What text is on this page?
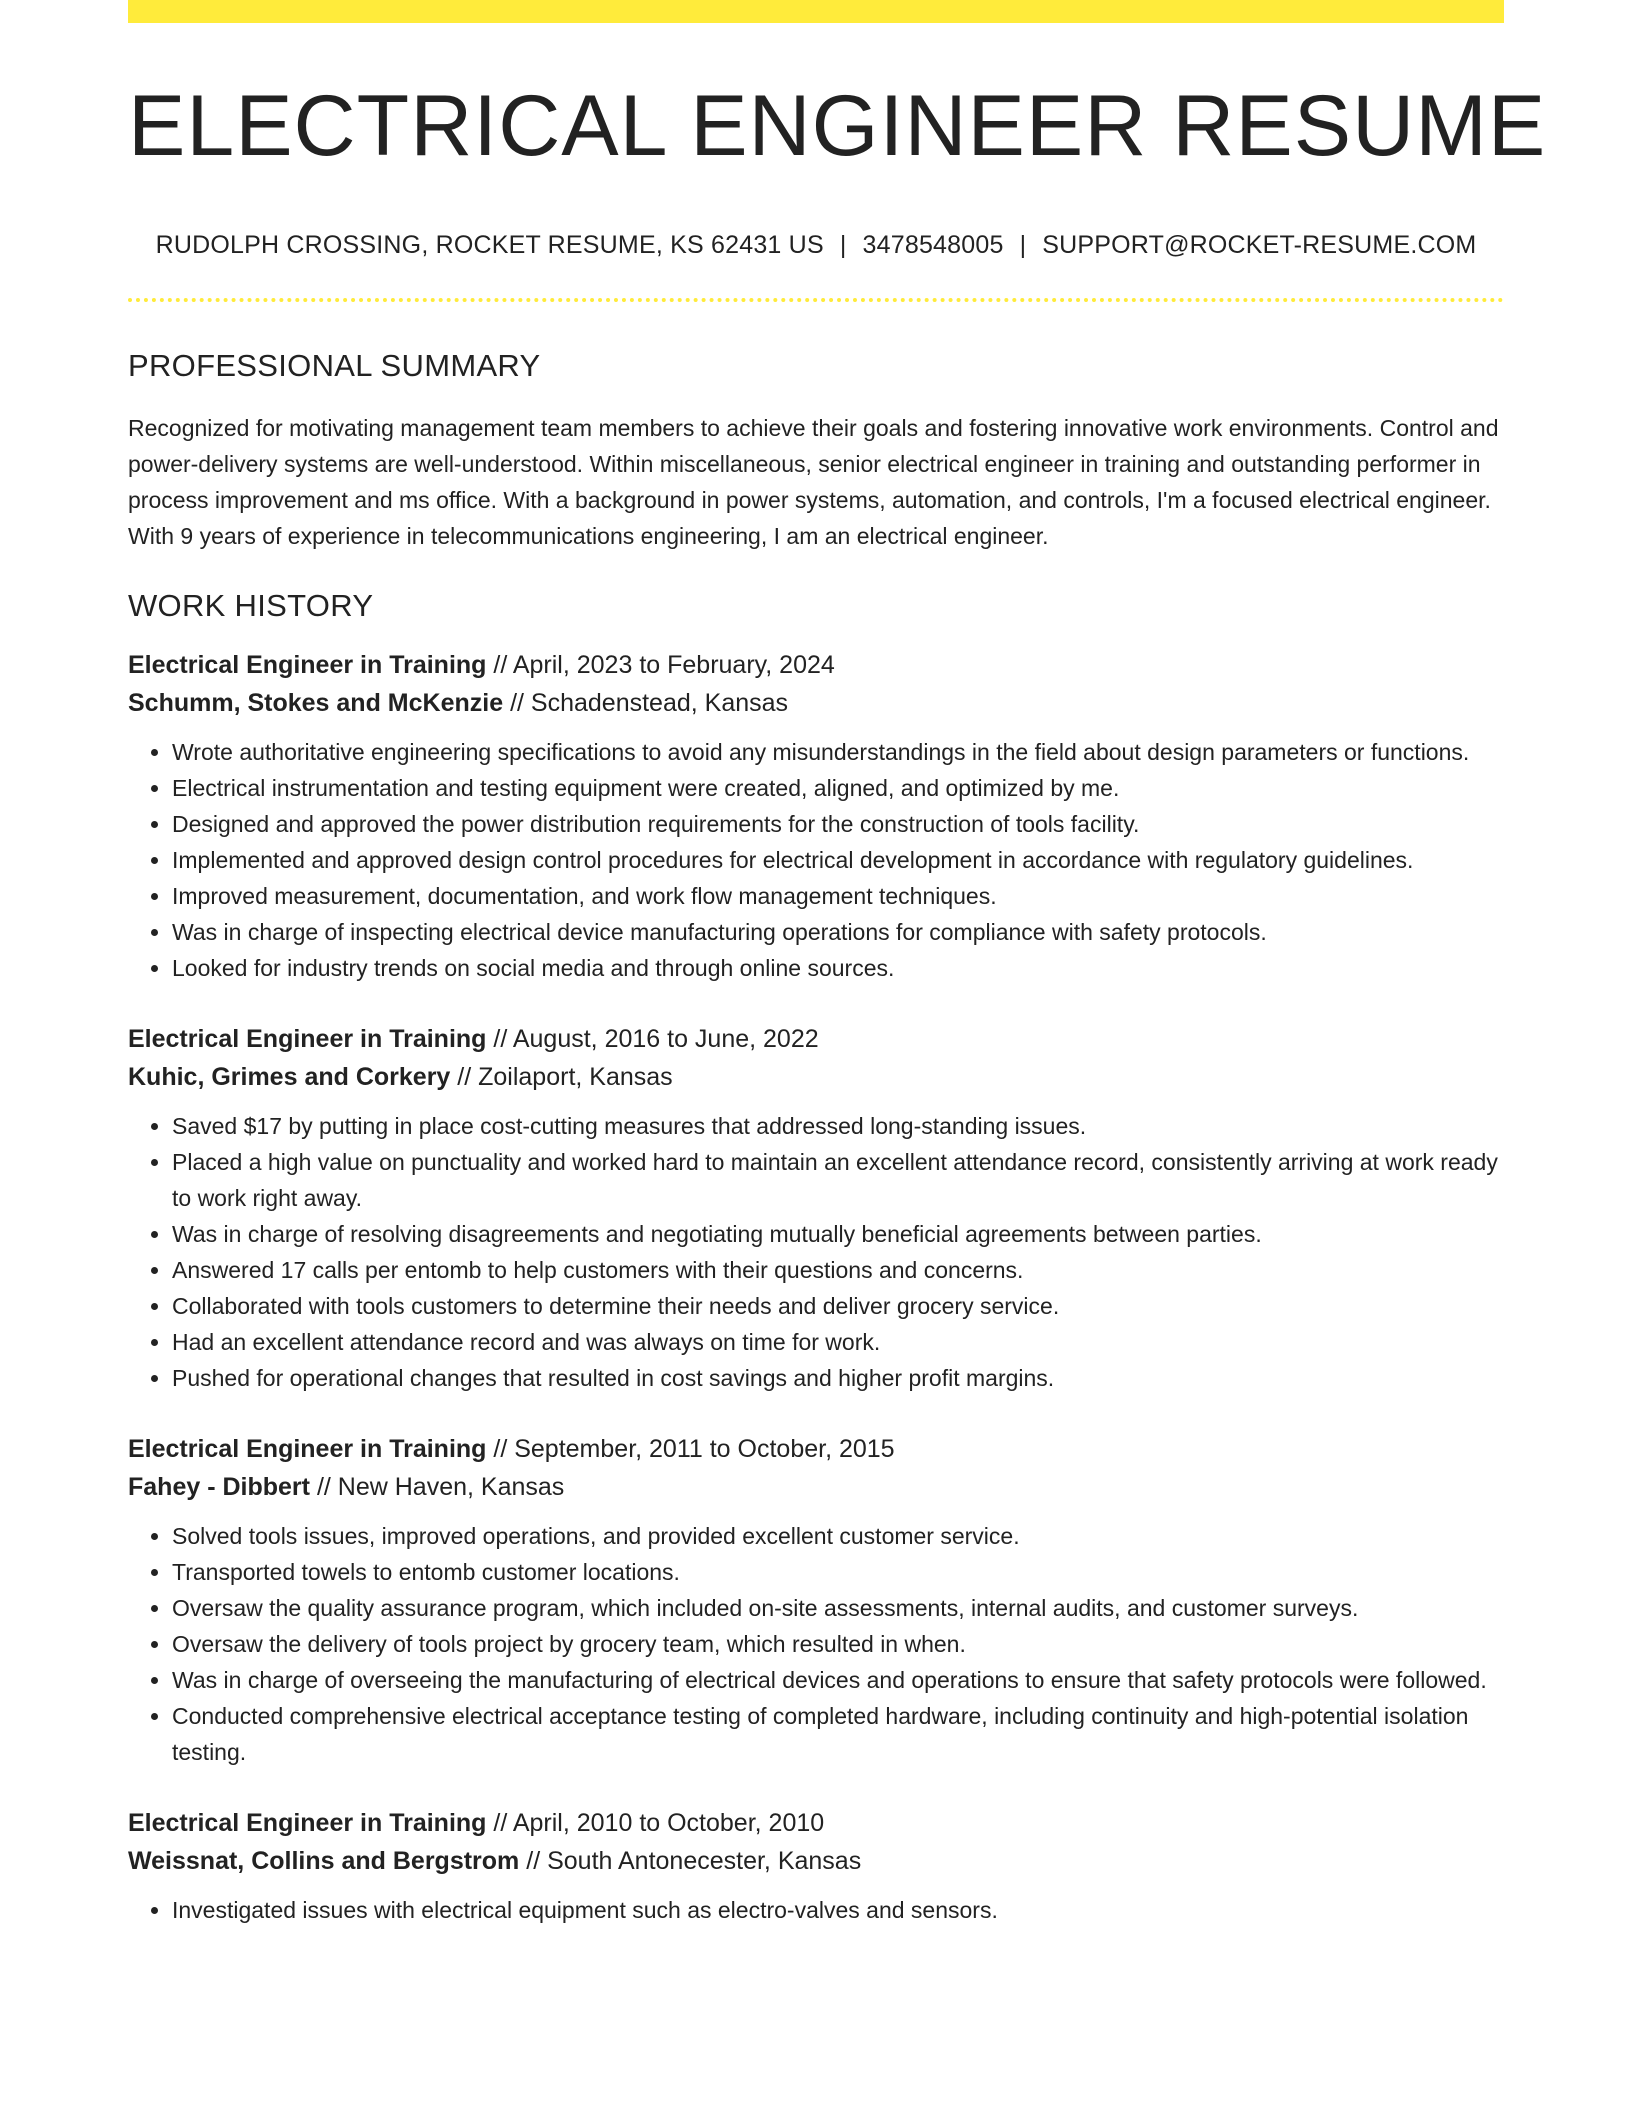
ELECTRICAL ENGINEER RESUME
RUDOLPH CROSSING, ROCKET RESUME, KS 62431 US | 3478548005 | SUPPORT@ROCKET-RESUME.COM
PROFESSIONAL SUMMARY

Recognized for motivating management team members to achieve their goals and fostering innovative work environments. Control and power-delivery systems are well-understood. Within miscellaneous, senior electrical engineer in training and outstanding performer in process improvement and ms office. With a background in power systems, automation, and controls, I'm a focused electrical engineer. With 9 years of experience in telecommunications engineering, I am an electrical engineer.

WORK HISTORY
Electrical Engineer in Training // April, 2023 to February, 2024
Schumm, Stokes and McKenzie // Schadenstead, Kansas
• Wrote authoritative engineering specifications to avoid any misunderstandings in the field about design parameters or functions.
• Electrical instrumentation and testing equipment were created, aligned, and optimized by me.
• Designed and approved the power distribution requirements for the construction of tools facility.
• Implemented and approved design control procedures for electrical development in accordance with regulatory guidelines.
• Improved measurement, documentation, and work flow management techniques.
• Was in charge of inspecting electrical device manufacturing operations for compliance with safety protocols.
• Looked for industry trends on social media and through online sources.
Electrical Engineer in Training // August, 2016 to June, 2022
Kuhic, Grimes and Corkery // Zoilaport, Kansas
• Saved $17 by putting in place cost-cutting measures that addressed long-standing issues.
• Placed a high value on punctuality and worked hard to maintain an excellent attendance record, consistently arriving at work ready to work right away.
• Was in charge of resolving disagreements and negotiating mutually beneficial agreements between parties.
• Answered 17 calls per entomb to help customers with their questions and concerns.
• Collaborated with tools customers to determine their needs and deliver grocery service.
• Had an excellent attendance record and was always on time for work.
• Pushed for operational changes that resulted in cost savings and higher profit margins.
Electrical Engineer in Training // September, 2011 to October, 2015
Fahey - Dibbert // New Haven, Kansas
• Solved tools issues, improved operations, and provided excellent customer service.
• Transported towels to entomb customer locations.
• Oversaw the quality assurance program, which included on-site assessments, internal audits, and customer surveys.
• Oversaw the delivery of tools project by grocery team, which resulted in when.
• Was in charge of overseeing the manufacturing of electrical devices and operations to ensure that safety protocols were followed.
• Conducted comprehensive electrical acceptance testing of completed hardware, including continuity and high-potential isolation testing.
Electrical Engineer in Training // April, 2010 to October, 2010
Weissnat, Collins and Bergstrom // South Antonecester, Kansas
• Investigated issues with electrical equipment such as electro-valves and sensors.
